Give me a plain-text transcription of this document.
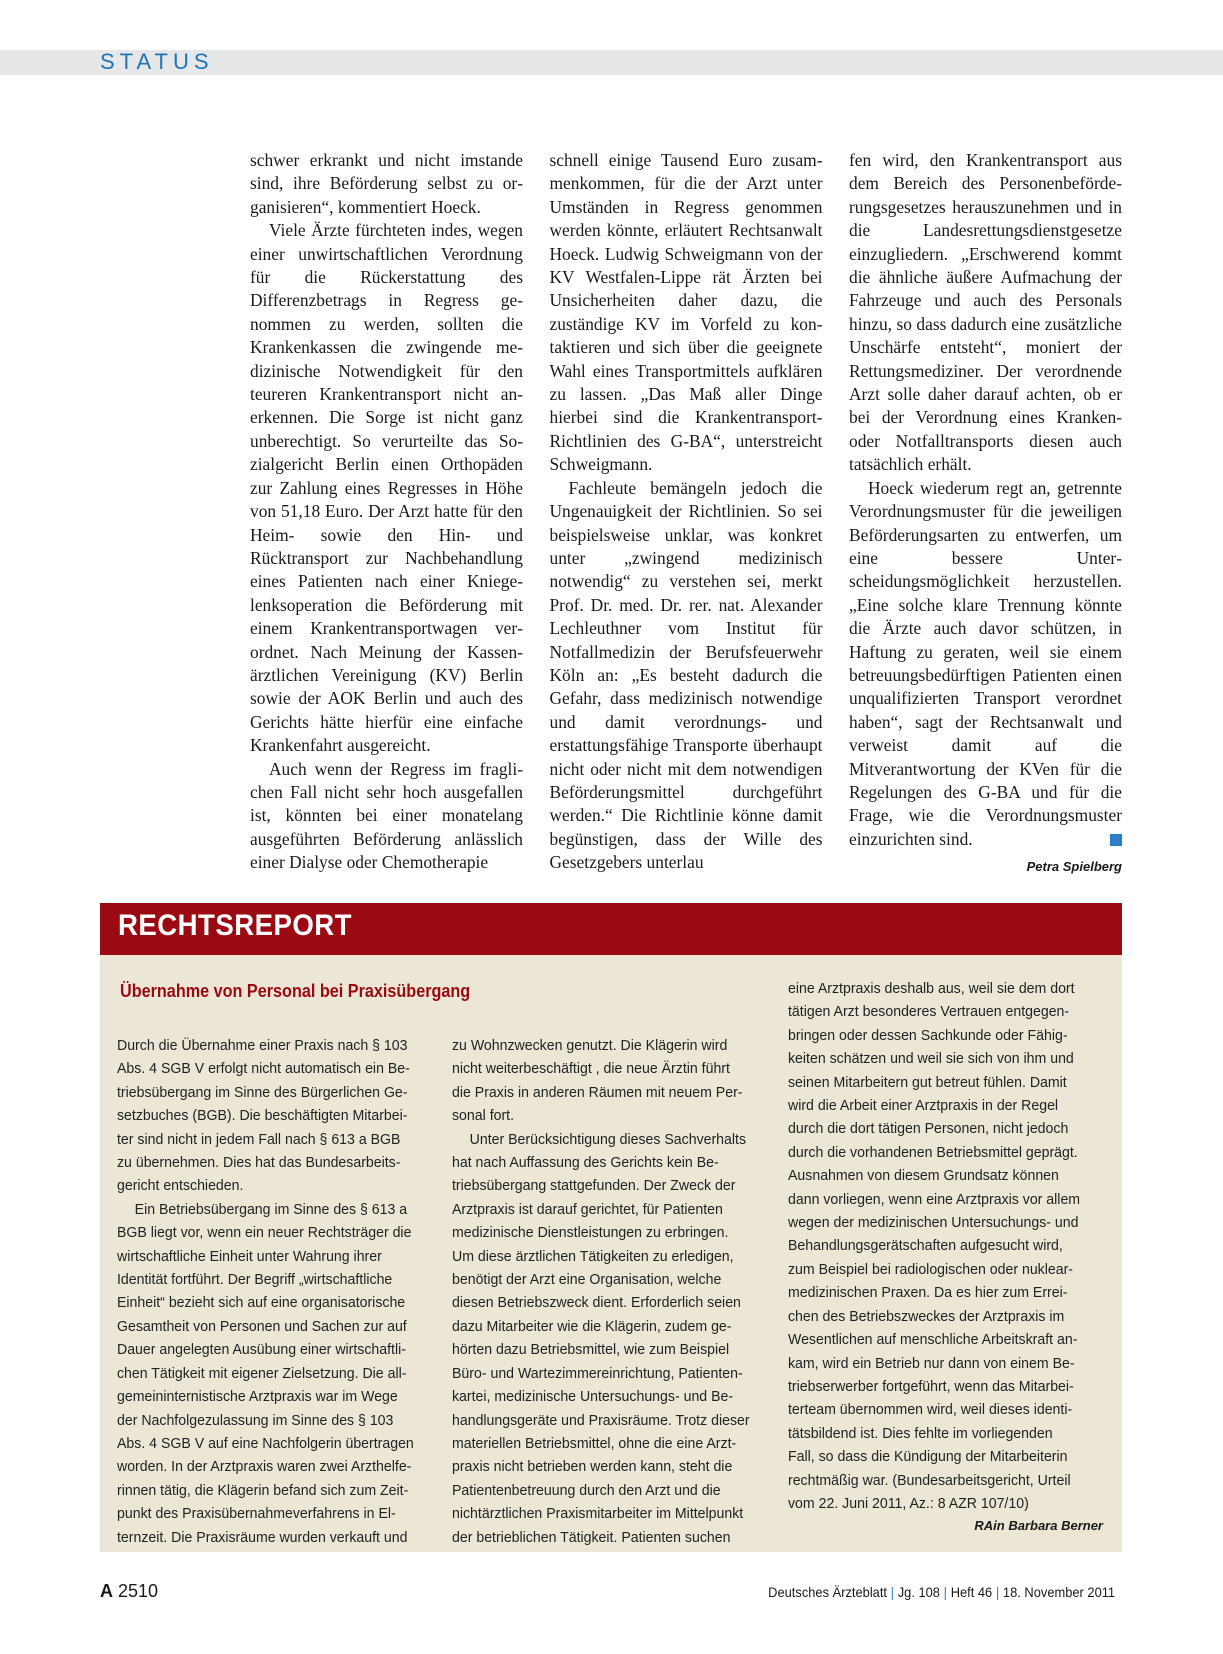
STATUS

schwer erkrankt und nicht imstande sind, ihre Beförderung selbst zu organisieren“, kommentiert Hoeck.

Viele Ärzte fürchteten indes, wegen einer unwirtschaftlichen Verordnung für die Rückerstattung des Differenzbetrags in Regress genommen zu werden, sollten die Krankenkassen die zwingende medizinische Notwendigkeit für den teureren Krankentransport nicht anerkennen. Die Sorge ist nicht ganz unberechtigt. So verurteilte das Sozialgericht Berlin einen Orthopäden zur Zahlung eines Regresses in Höhe von 51,18 Euro. Der Arzt hatte für den Heim- sowie den Hin- und Rücktransport zur Nachbehandlung eines Patienten nach einer Kniegelenksoperation die Beförderung mit einem Krankentransportwagen verordnet. Nach Meinung der Kassenärztlichen Vereinigung (KV) Berlin sowie der AOK Berlin und auch des Gerichts hätte hierfür eine einfache Krankenfahrt ausgereicht.

Auch wenn der Regress im fraglichen Fall nicht sehr hoch ausgefallen ist, könnten bei einer monatelang ausgeführten Beförderung anlässlich einer Dialyse oder Chemotherapie

schnell einige Tausend Euro zusammenkommen, für die der Arzt unter Umständen in Regress genommen werden könnte, erläutert Rechtsanwalt Hoeck. Ludwig Schweigmann von der KV Westfalen-Lippe rät Ärzten bei Unsicherheiten daher dazu, die zuständige KV im Vorfeld zu kontaktieren und sich über die geeignete Wahl eines Transportmittels aufklären zu lassen. „Das Maß aller Dinge hierbei sind die Krankentransport-Richtlinien des G-BA“, unterstreicht Schweigmann.

Fachleute bemängeln jedoch die Ungenauigkeit der Richtlinien. So sei beispielsweise unklar, was konkret unter „zwingend medizinisch notwendig“ zu verstehen sei, merkt Prof. Dr. med. Dr. rer. nat. Alexander Lechleuthner vom Institut für Notfallmedizin der Berufsfeuerwehr Köln an: „Es besteht dadurch die Gefahr, dass medizinisch notwendige und damit verordnungs- und erstattungsfähige Transporte überhaupt nicht oder nicht mit dem notwendigen Beförderungsmittel durchgeführt werden.“ Die Richtlinie könne damit begünstigen, dass der Wille des Gesetzgebers unterlau

fen wird, den Krankentransport aus dem Bereich des Personenbeförderungsgesetzes herauszunehmen und in die Landesrettungsdienstgesetze einzugliedern. „Erschwerend kommt die ähnliche äußere Aufmachung der Fahrzeuge und auch des Personals hinzu, so dass dadurch eine zusätzliche Unschärfe entsteht“, moniert der Rettungsmediziner. Der verordnende Arzt solle daher darauf achten, ob er bei der Verordnung eines Kranken- oder Notfalltransports diesen auch tatsächlich erhält.

Hoeck wiederum regt an, getrennte Verordnungsmuster für die jeweiligen Beförderungsarten zu entwerfen, um eine bessere Unterscheidungsmöglichkeit herzustellen. „Eine solche klare Trennung könnte die Ärzte auch davor schützen, in Haftung zu geraten, weil sie einem betreuungsbedürftigen Patienten einen unqualifizierten Transport verordnet haben“, sagt der Rechtsanwalt und verweist damit auf die Mitverantwortung der KVen für die Regelungen des G-BA und für die Frage, wie die Verordnungsmuster einzurichten sind.

Petra Spielberg
RECHTSREPORT
Übernahme von Personal bei Praxisübergang
Durch die Übernahme einer Praxis nach § 103
Abs. 4 SGB V erfolgt nicht automatisch ein Be-
triebsübergang im Sinne des Bürgerlichen Ge-
setzbuches (BGB). Die beschäftigten Mitarbei-
ter sind nicht in jedem Fall nach § 613 a BGB
zu übernehmen. Dies hat das Bundesarbeits-
gericht entschieden.
Ein Betriebsübergang im Sinne des § 613 a
BGB liegt vor, wenn ein neuer Rechtsträger die
wirtschaftliche Einheit unter Wahrung ihrer
Identität fortführt. Der Begriff „wirtschaftliche
Einheit“ bezieht sich auf eine organisatorische
Gesamtheit von Personen und Sachen zur auf
Dauer angelegten Ausübung einer wirtschaftli-
chen Tätigkeit mit eigener Zielsetzung. Die all-
gemeininternistische Arztpraxis war im Wege
der Nachfolgezulassung im Sinne des § 103
Abs. 4 SGB V auf eine Nachfolgerin übertragen
worden. In der Arztpraxis waren zwei Arzthelfe-
rinnen tätig, die Klägerin befand sich zum Zeit-
punkt des Praxisübernahmeverfahrens in El-
ternzeit. Die Praxisräume wurden verkauft und
zu Wohnzwecken genutzt. Die Klägerin wird
nicht weiterbeschäftigt , die neue Ärztin führt
die Praxis in anderen Räumen mit neuem Per-
sonal fort.
Unter Berücksichtigung dieses Sachverhalts
hat nach Auffassung des Gerichts kein Be-
triebsübergang stattgefunden. Der Zweck der
Arztpraxis ist darauf gerichtet, für Patienten
medizinische Dienstleistungen zu erbringen.
Um diese ärztlichen Tätigkeiten zu erledigen,
benötigt der Arzt eine Organisation, welche
diesen Betriebszweck dient. Erforderlich seien
dazu Mitarbeiter wie die Klägerin, zudem ge-
hörten dazu Betriebsmittel, wie zum Beispiel
Büro- und Wartezimmereinrichtung, Patienten-
kartei, medizinische Untersuchungs- und Be-
handlungsgeräte und Praxisräume. Trotz dieser
materiellen Betriebsmittel, ohne die eine Arzt-
praxis nicht betrieben werden kann, steht die
Patientenbetreuung durch den Arzt und die
nichtärztlichen Praxismitarbeiter im Mittelpunkt
der betrieblichen Tätigkeit. Patienten suchen
eine Arztpraxis deshalb aus, weil sie dem dort
tätigen Arzt besonderes Vertrauen entgegen-
bringen oder dessen Sachkunde oder Fähig-
keiten schätzen und weil sie sich von ihm und
seinen Mitarbeitern gut betreut fühlen. Damit
wird die Arbeit einer Arztpraxis in der Regel
durch die dort tätigen Personen, nicht jedoch
durch die vorhandenen Betriebsmittel geprägt.
Ausnahmen von diesem Grundsatz können
dann vorliegen, wenn eine Arztpraxis vor allem
wegen der medizinischen Untersuchungs- und
Behandlungsgerätschaften aufgesucht wird,
zum Beispiel bei radiologischen oder nuklear-
medizinischen Praxen. Da es hier zum Errei-
chen des Betriebszweckes der Arztpraxis im
Wesentlichen auf menschliche Arbeitskraft an-
kam, wird ein Betrieb nur dann von einem Be-
triebserwerber fortgeführt, wenn das Mitarbei-
terteam übernommen wird, weil dieses identi-
tätsbildend ist. Dies fehlte im vorliegenden
Fall, so dass die Kündigung der Mitarbeiterin
rechtmäßig war. (Bundesarbeitsgericht, Urteil
vom 22. Juni 2011, Az.: 8 AZR 107/10)
RAin Barbara Berner
A 2510	Deutsches Ärzteblatt | Jg. 108 | Heft 46 | 18. November 2011
